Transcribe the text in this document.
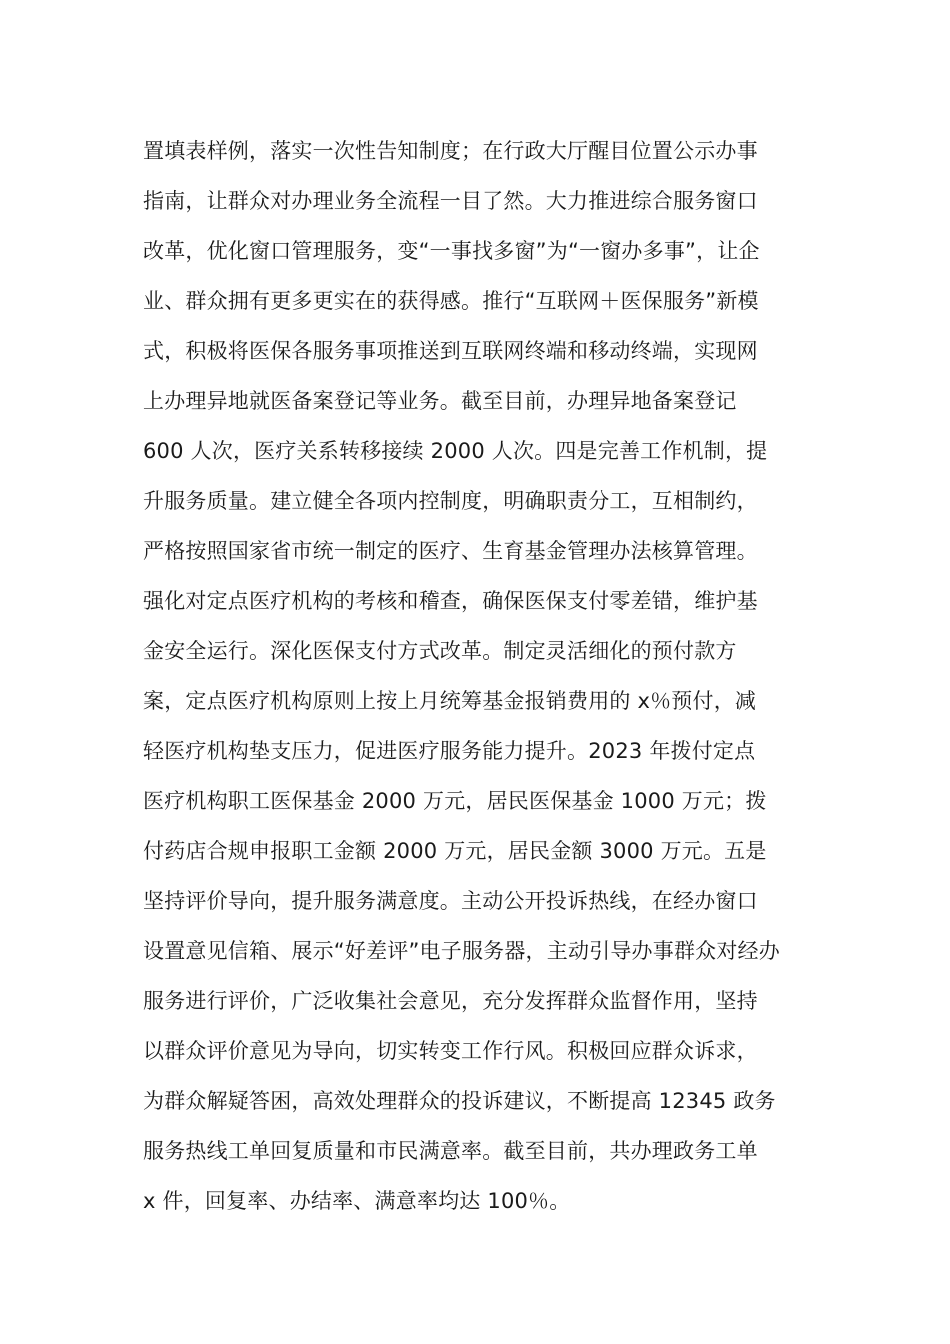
置填表样例，落实一次性告知制度；在行政大厅醒目位置公示办事
指南，让群众对办理业务全流程一目了然。大力推进综合服务窗口
改革，优化窗口管理服务，变“一事找多窗”为“一窗办多事”，让企
业、群众拥有更多更实在的获得感。推行“互联网＋医保服务”新模
式，积极将医保各服务事项推送到互联网终端和移动终端，实现网
上办理异地就医备案登记等业务。截至目前，办理异地备案登记
600 人次，医疗关系转移接续 2000 人次。四是完善工作机制，提
升服务质量。建立健全各项内控制度，明确职责分工，互相制约，
严格按照国家省市统一制定的医疗、生育基金管理办法核算管理。
强化对定点医疗机构的考核和稽查，确保医保支付零差错，维护基
金安全运行。深化医保支付方式改革。制定灵活细化的预付款方
案，定点医疗机构原则上按上月统筹基金报销费用的 x％预付，减
轻医疗机构垫支压力，促进医疗服务能力提升。2023 年拨付定点
医疗机构职工医保基金 2000 万元，居民医保基金 1000 万元；拨
付药店合规申报职工金额 2000 万元，居民金额 3000 万元。五是
坚持评价导向，提升服务满意度。主动公开投诉热线，在经办窗口
设置意见信箱、展示“好差评”电子服务器，主动引导办事群众对经办
服务进行评价，广泛收集社会意见，充分发挥群众监督作用，坚持
以群众评价意见为导向，切实转变工作行风。积极回应群众诉求，
为群众解疑答困，高效处理群众的投诉建议，不断提高 12345 政务
服务热线工单回复质量和市民满意率。截至目前，共办理政务工单
x 件，回复率、办结率、满意率均达 100％。
